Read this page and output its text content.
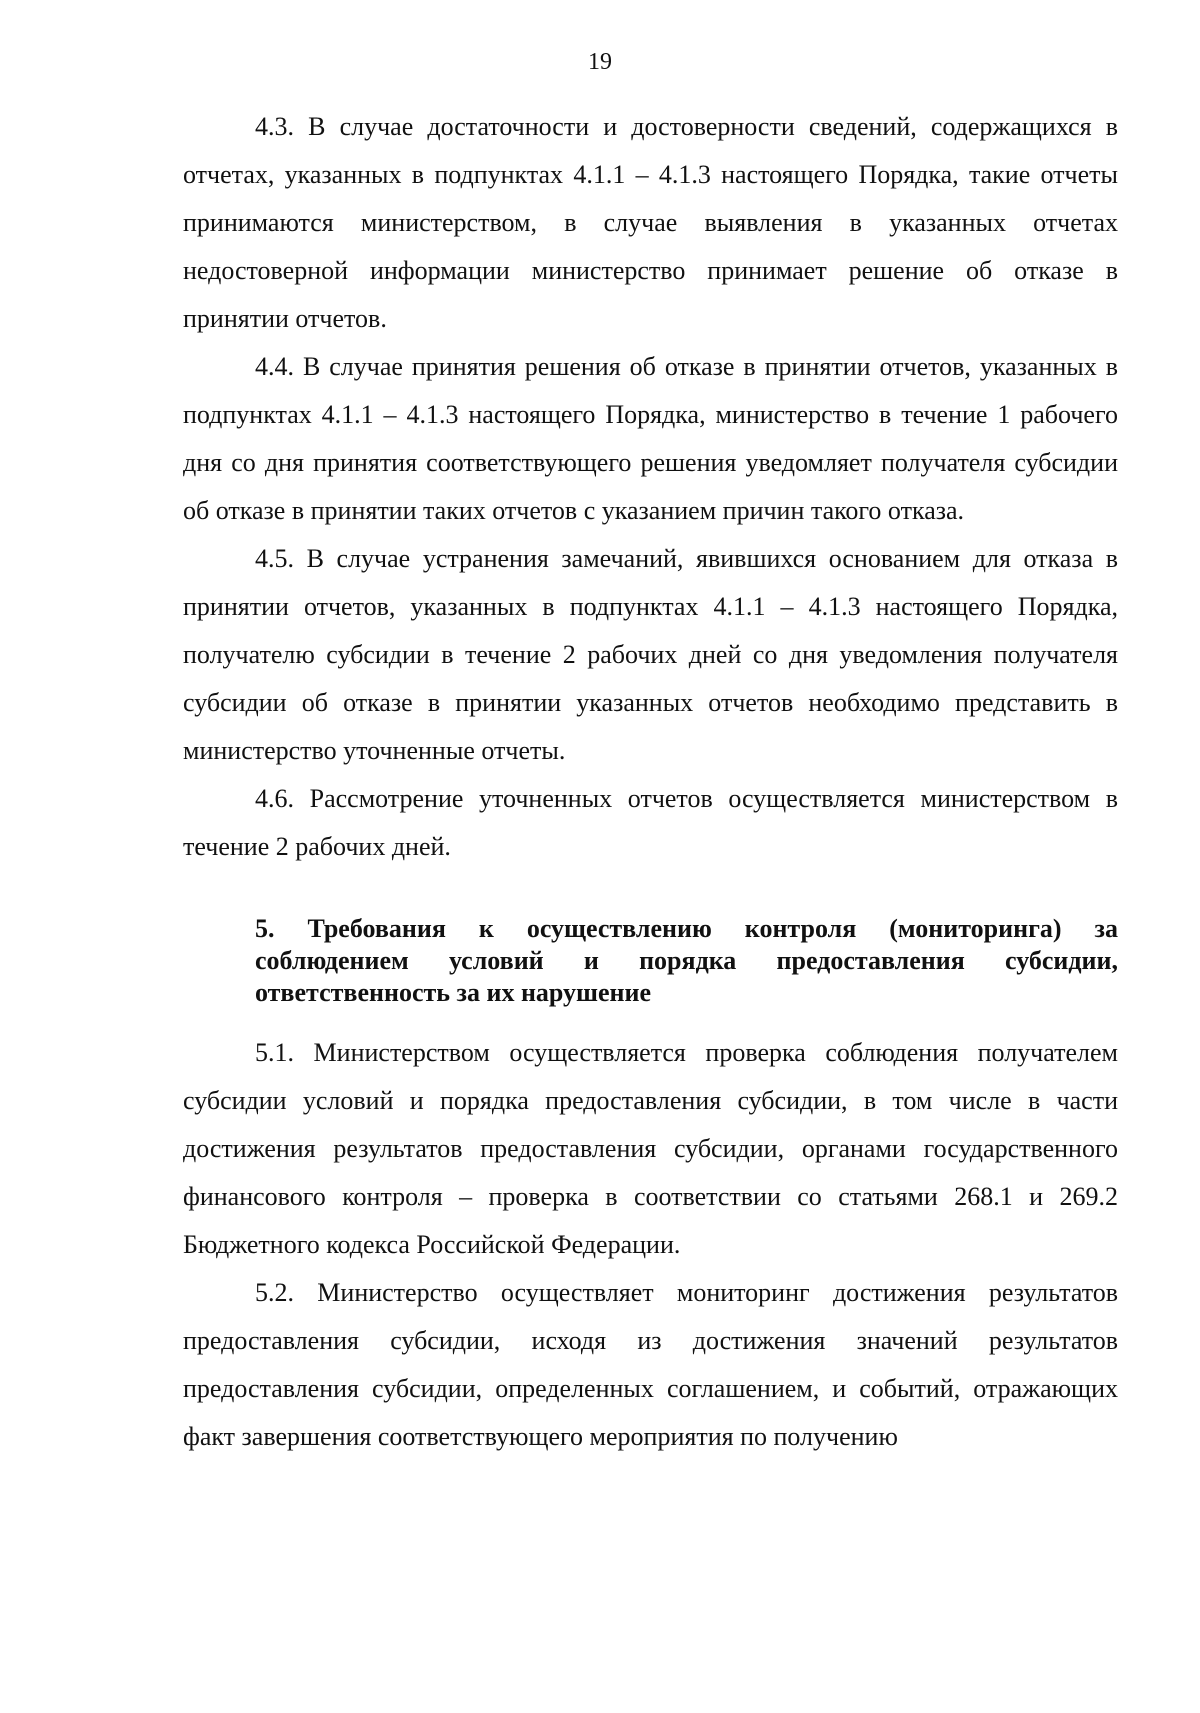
19

4.3. В случае достаточности и достоверности сведений, содержащихся в отчетах, указанных в подпунктах 4.1.1 – 4.1.3 настоящего Порядка, такие отчеты принимаются министерством, в случае выявления в указанных отчетах недостоверной информации министерство принимает решение об отказе в принятии отчетов.

4.4. В случае принятия решения об отказе в принятии отчетов, указанных в подпунктах 4.1.1 – 4.1.3 настоящего Порядка, министерство в течение 1 рабочего дня со дня принятия соответствующего решения уведомляет получателя субсидии об отказе в принятии таких отчетов с указанием причин такого отказа.

4.5. В случае устранения замечаний, явившихся основанием для отказа в принятии отчетов, указанных в подпунктах 4.1.1 – 4.1.3 настоящего Порядка, получателю субсидии в течение 2 рабочих дней со дня уведомления получателя субсидии об отказе в принятии указанных отчетов необходимо представить в министерство уточненные отчеты.

4.6. Рассмотрение уточненных отчетов осуществляется министерством в течение 2 рабочих дней.

5. Требования к осуществлению контроля (мониторинга) за соблюдением условий и порядка предоставления субсидии, ответственность за их нарушение

5.1. Министерством осуществляется проверка соблюдения получателем субсидии условий и порядка предоставления субсидии, в том числе в части достижения результатов предоставления субсидии, органами государственного финансового контроля – проверка в соответствии со статьями 268.1 и 269.2 Бюджетного кодекса Российской Федерации.

5.2. Министерство осуществляет мониторинг достижения результатов предоставления субсидии, исходя из достижения значений результатов предоставления субсидии, определенных соглашением, и событий, отражающих факт завершения соответствующего мероприятия по получению
